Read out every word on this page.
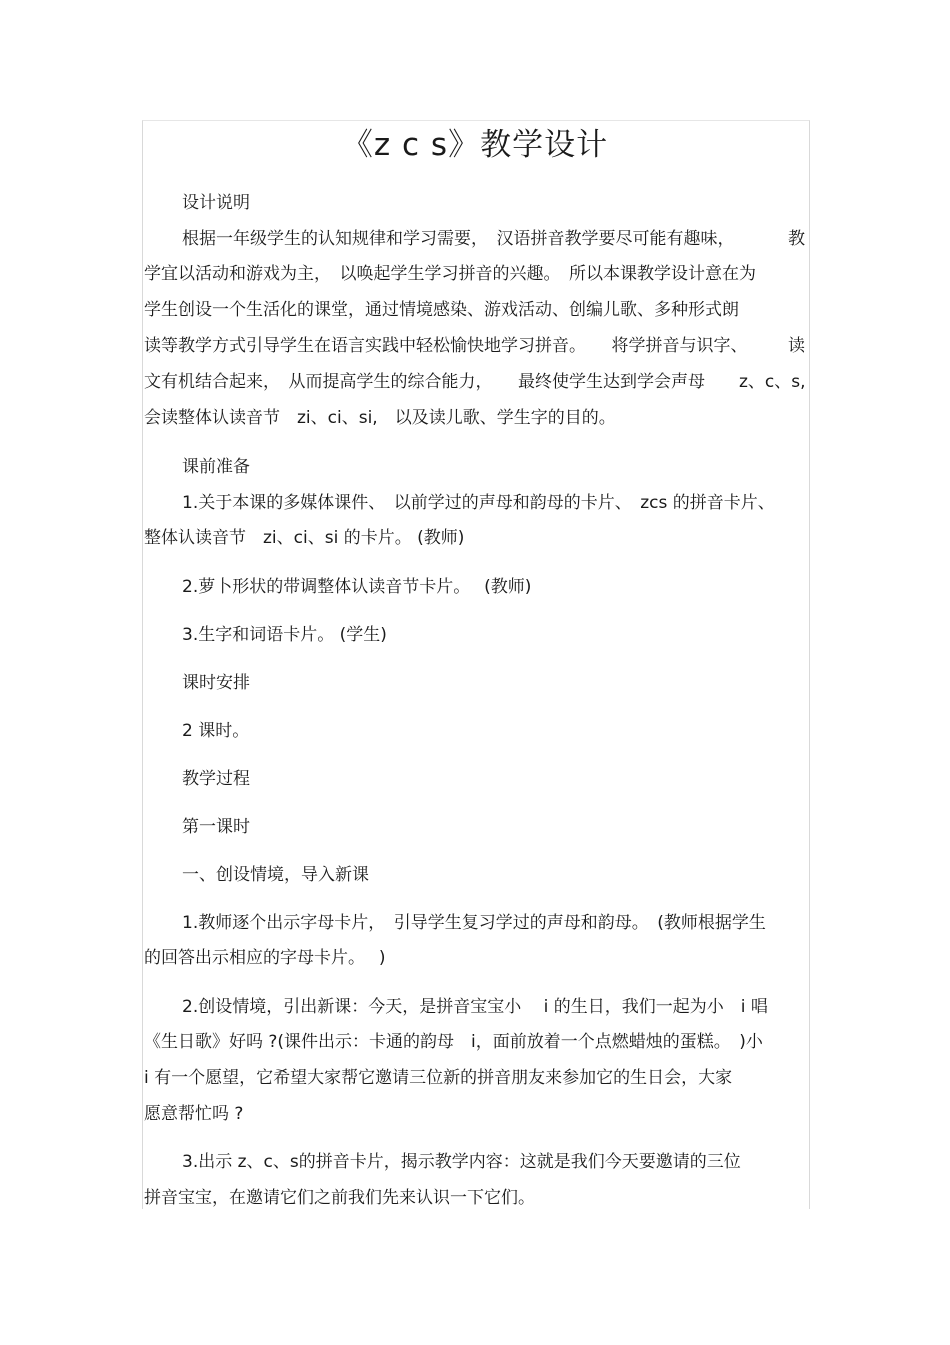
《z c s》教学设计
设计说明
根据一年级学生的认知规律和学习需要，　汉语拼音教学要尽可能有趣味，	教
学宜以活动和游戏为主，　以唤起学生学习拼音的兴趣。　所以本课教学设计意在为
学生创设一个生活化的课堂，通过情境感染、游戏活动、创编儿歌、多种形式朗
读等教学方式引导学生在语言实践中轻松愉快地学习拼音。　　将学拼音与识字、 读
文有机结合起来，　从而提高学生的综合能力，　　最终使学生达到学会声母　　z、c、s,
会读整体认读音节　zi、ci、si,　以及读儿歌、学生字的目的。
课前准备
1.关于本课的多媒体课件、　以前学过的声母和韵母的卡片、　zcs 的拼音卡片、
整体认读音节　zi、ci、si 的卡片。 (教师)
2.萝卜形状的带调整体认读音节卡片。　 (教师)
3.生字和词语卡片。 (学生)
课时安排
2 课时。
教学过程
第一课时
一、创设情境，导入新课
1.教师逐个出示字母卡片，　引导学生复习学过的声母和韵母。　(教师根据学生
的回答出示相应的字母卡片。　 )
2.创设情境，引出新课：今天，是拼音宝宝小　 i 的生日，我们一起为小　i 唱
《生日歌》好吗 ?(课件出示：卡通的韵母　i，面前放着一个点燃蜡烛的蛋糕。　)小
i 有一个愿望，它希望大家帮它邀请三位新的拼音朋友来参加它的生日会，大家
愿意帮忙吗 ?
3.出示 z、c、s的拼音卡片，揭示教学内容：这就是我们今天要邀请的三位
拼音宝宝，在邀请它们之前我们先来认识一下它们。
